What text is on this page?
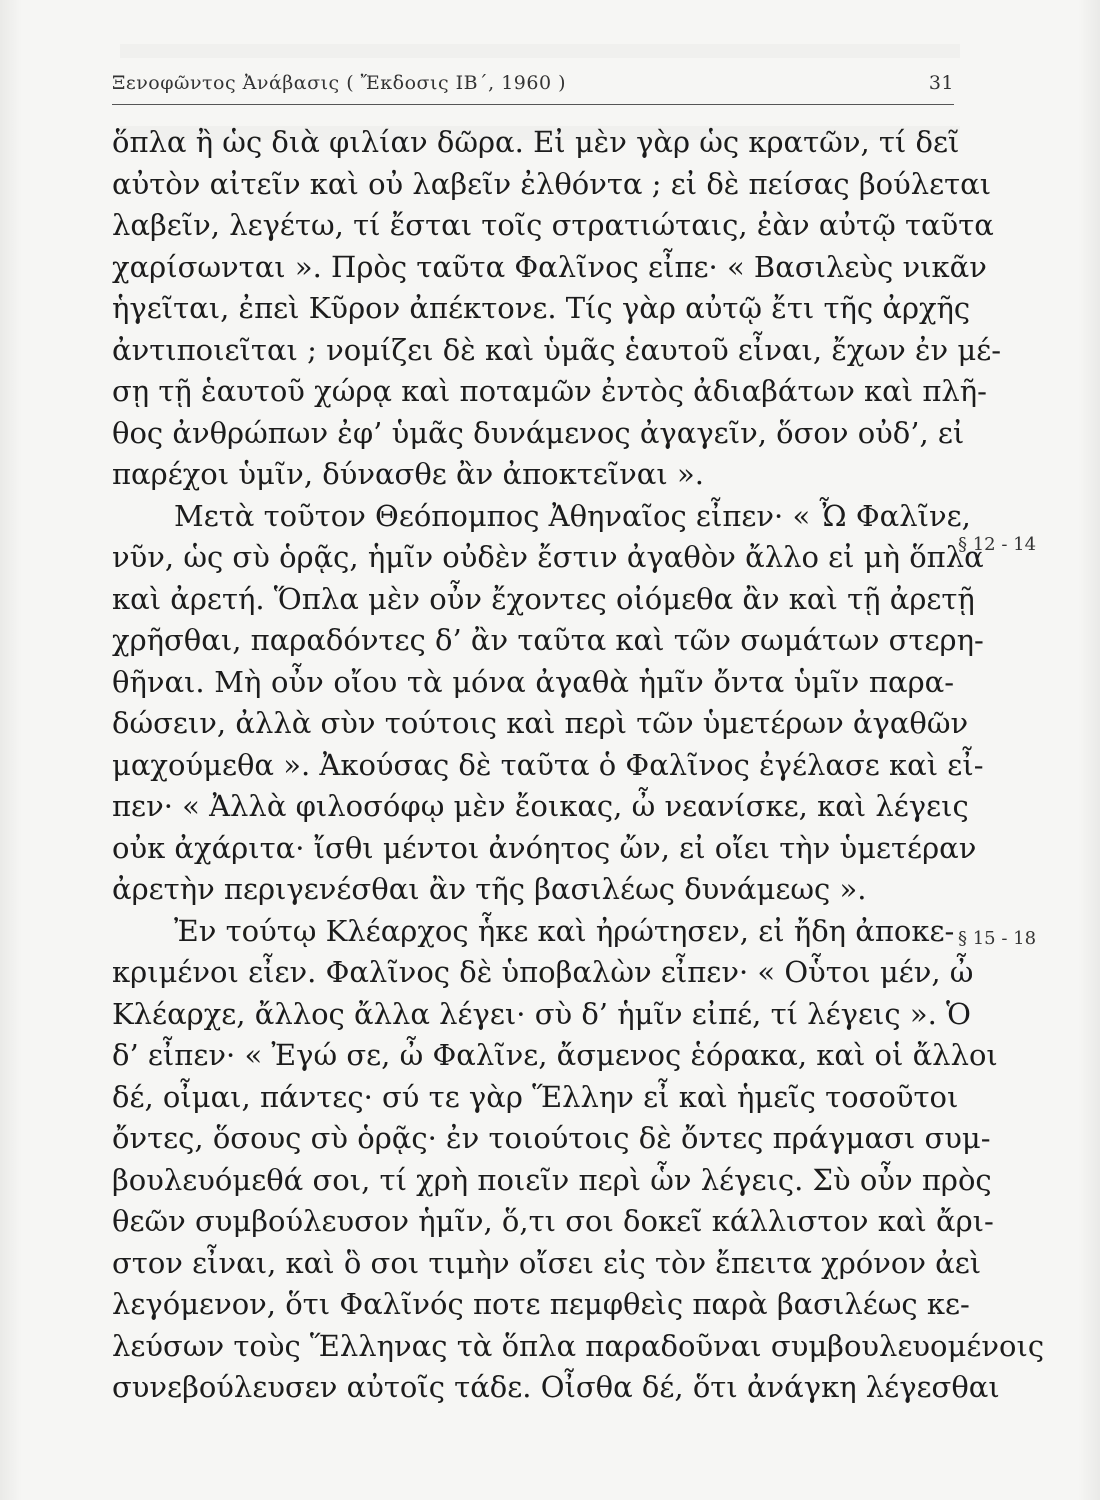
Ξενοφῶντος Ἀνάβασις ( Ἔκδοσις ΙΒ΄, 1960 )	31
ὅπλα ἢ ὡς διὰ φιλίαν δῶρα. Εἰ μὲν γὰρ ὡς κρατῶν, τί δεῖ
αὐτὸν αἰτεῖν καὶ οὐ λαβεῖν ἐλθόντα ; εἰ δὲ πείσας βούλεται
λαβεῖν, λεγέτω, τί ἔσται τοῖς στρατιώταις, ἐὰν αὐτῷ ταῦτα
χαρίσωνται ». Πρὸς ταῦτα Φαλῖνος εἶπε· « Βασιλεὺς νικᾶν
ἡγεῖται, ἐπεὶ Κῦρον ἀπέκτονε. Τίς γὰρ αὐτῷ ἔτι τῆς ἀρχῆς
ἀντιποιεῖται ; νομίζει δὲ καὶ ὑμᾶς ἑαυτοῦ εἶναι, ἔχων ἐν μέ-
σῃ τῇ ἑαυτοῦ χώρᾳ καὶ ποταμῶν ἐντὸς ἀδιαβάτων καὶ πλῆ-
θος ἀνθρώπων ἐφ’ ὑμᾶς δυνάμενος ἀγαγεῖν, ὅσον οὐδ’, εἰ
παρέχοι ὑμῖν, δύνασθε ἂν ἀποκτεῖναι ».
Μετὰ τοῦτον Θεόπομπος Ἀθηναῖος εἶπεν· « Ὦ Φαλῖνε,
νῦν, ὡς σὺ ὁρᾷς, ἡμῖν οὐδὲν ἔστιν ἀγαθὸν ἄλλο εἰ μὴ ὅπλα
καὶ ἀρετή. Ὅπλα μὲν οὖν ἔχοντες οἰόμεθα ἂν καὶ τῇ ἀρετῇ
χρῆσθαι, παραδόντες δ’ ἂν ταῦτα καὶ τῶν σωμάτων στερη-
θῆναι. Μὴ οὖν οἴου τὰ μόνα ἀγαθὰ ἡμῖν ὄντα ὑμῖν παρα-
δώσειν, ἀλλὰ σὺν τούτοις καὶ περὶ τῶν ὑμετέρων ἀγαθῶν
μαχούμεθα ». Ἀκούσας δὲ ταῦτα ὁ Φαλῖνος ἐγέλασε καὶ εἶ-
πεν· « Ἀλλὰ φιλοσόφῳ μὲν ἔοικας, ὦ νεανίσκε, καὶ λέγεις
οὐκ ἀχάριτα· ἴσθι μέντοι ἀνόητος ὤν, εἰ οἴει τὴν ὑμετέραν
ἀρετὴν περιγενέσθαι ἂν τῆς βασιλέως δυνάμεως ».
Ἐν τούτῳ Κλέαρχος ἧκε καὶ ἠρώτησεν, εἰ ἤδη ἀποκε-
κριμένοι εἶεν. Φαλῖνος δὲ ὑποβαλὼν εἶπεν· « Οὗτοι μέν, ὦ
Κλέαρχε, ἄλλος ἄλλα λέγει· σὺ δ’ ἡμῖν εἰπέ, τί λέγεις ». Ὁ
δ’ εἶπεν· « Ἐγώ σε, ὦ Φαλῖνε, ἄσμενος ἑόρακα, καὶ οἱ ἄλλοι
δέ, οἶμαι, πάντες· σύ τε γὰρ Ἕλλην εἶ καὶ ἡμεῖς τοσοῦτοι
ὄντες, ὅσους σὺ ὁρᾷς· ἐν τοιούτοις δὲ ὄντες πράγμασι συμ-
βουλευόμεθά σοι, τί χρὴ ποιεῖν περὶ ὧν λέγεις. Σὺ οὖν πρὸς
θεῶν συμβούλευσον ἡμῖν, ὅ,τι σοι δοκεῖ κάλλιστον καὶ ἄρι-
στον εἶναι, καὶ ὃ σοι τιμὴν οἴσει εἰς τὸν ἔπειτα χρόνον ἀεὶ
λεγόμενον, ὅτι Φαλῖνός ποτε πεμφθεὶς παρὰ βασιλέως κε-
λεύσων τοὺς Ἕλληνας τὰ ὅπλα παραδοῦναι συμβουλευομένοις
συνεβούλευσεν αὐτοῖς τάδε. Οἶσθα δέ, ὅτι ἀνάγκη λέγεσθαι
§ 12 - 14
§ 15 - 18
